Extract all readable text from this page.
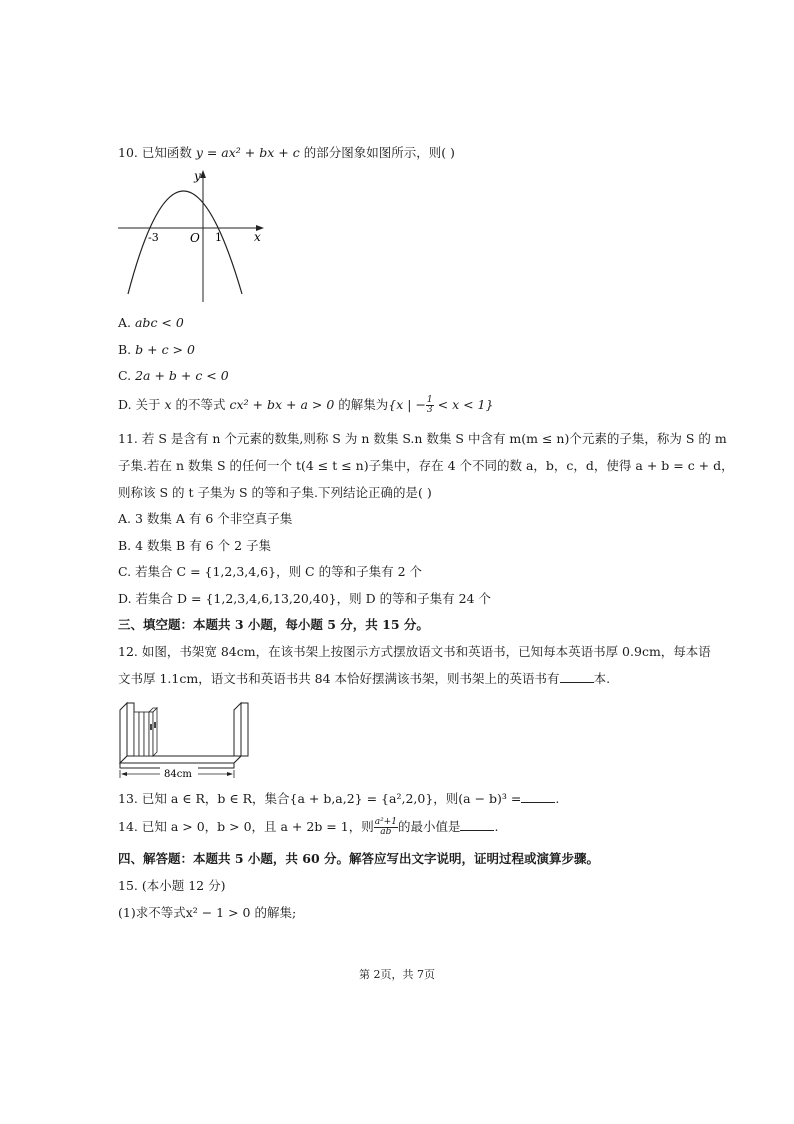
10. 已知函数 y = ax² + bx + c 的部分图象如图所示，则( )
y
x
O
-3	1
A. abc < 0
B. b + c > 0
C. 2a + b + c < 0
D. 关于 x 的不等式 cx² + bx + a > 0 的解集为{x | − $\frac{1}{3} < x < 1$}
11. 若 S 是含有 n 个元素的数集,则称 S 为 n 数集 S.n 数集 S 中含有 m(m ≤ n)个元素的子集，称为 S 的 m
子集.若在 n 数集 S 的任何一个 t(4 ≤ t ≤ n)子集中，存在 4 个不同的数 a，b，c，d，使得 a + b = c + d，
则称该 S 的 t 子集为 S 的等和子集.下列结论正确的是( )
A. 3 数集 A 有 6 个非空真子集
B. 4 数集 B 有 6 个 2 子集
C. 若集合 C = {1,2,3,4,6}，则 C 的等和子集有 2 个
D. 若集合 D = {1,2,3,4,6,13,20,40}，则 D 的等和子集有 24 个
三、填空题：本题共 3 小题，每小题 5 分，共 15 分。
12. 如图，书架宽 84cm，在该书架上按图示方式摆放语文书和英语书，已知每本英语书厚 0.9cm，每本语
文书厚 1.1cm，语文书和英语书共 84 本恰好摆满该书架，则书架上的英语书有	本.
84cm
13. 已知 a ∈ R，b ∈ R，集合{a + b,a,2} = {a²,2,0}，则(a − b)³ =	.
14. 已知 a > 0，b > 0，且 a + 2b = 1，则 $\frac{\text{a²+1}}{ab}$ 的最小值是	.
四、解答题：本题共 5 小题，共 60 分。解答应写出文字说明，证明过程或演算步骤。
15. (本小题 12 分)
(1)求不等式x² − 1 > 0 的解集;
第 2页，共 7页
